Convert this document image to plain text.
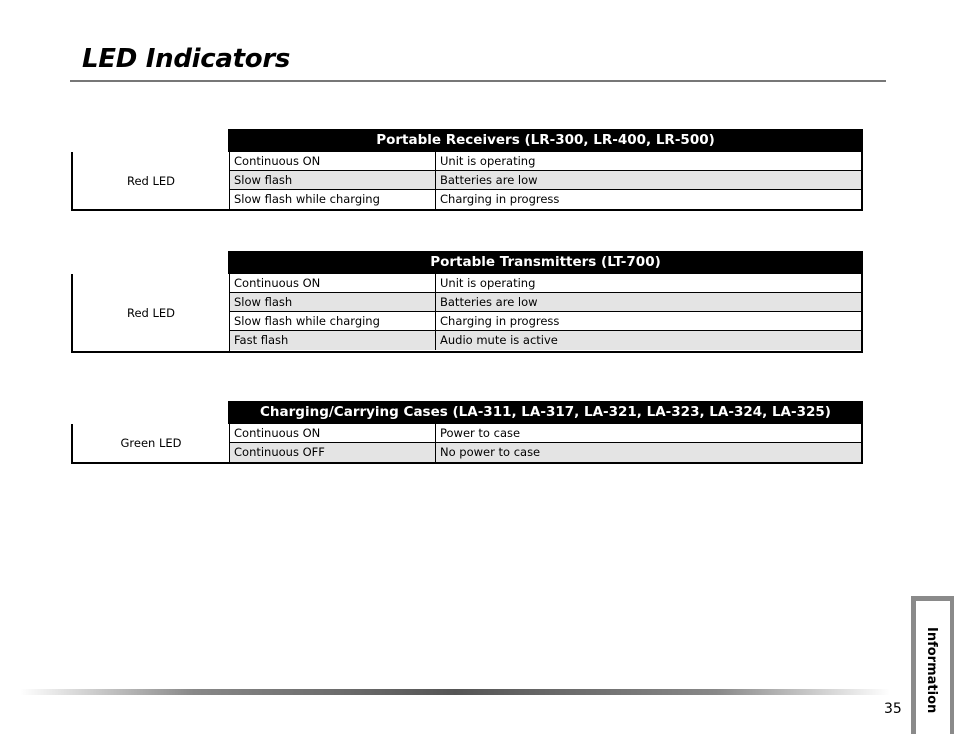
LED Indicators
Portable Receivers (LR-300, LR-400, LR-500)
Red LED
Continuous ON	Unit is operating
Slow flash	Batteries are low
Slow flash while charging	Charging in progress
Portable Transmitters (LT-700)
Red LED
Continuous ON	Unit is operating
Slow flash	Batteries are low
Slow flash while charging	Charging in progress
Fast flash	Audio mute is active
Charging/Carrying Cases (LA-311, LA-317, LA-321, LA-323, LA-324, LA-325)
Green LED
Continuous ON	Power to case
Continuous OFF	No power to case
35 Information
